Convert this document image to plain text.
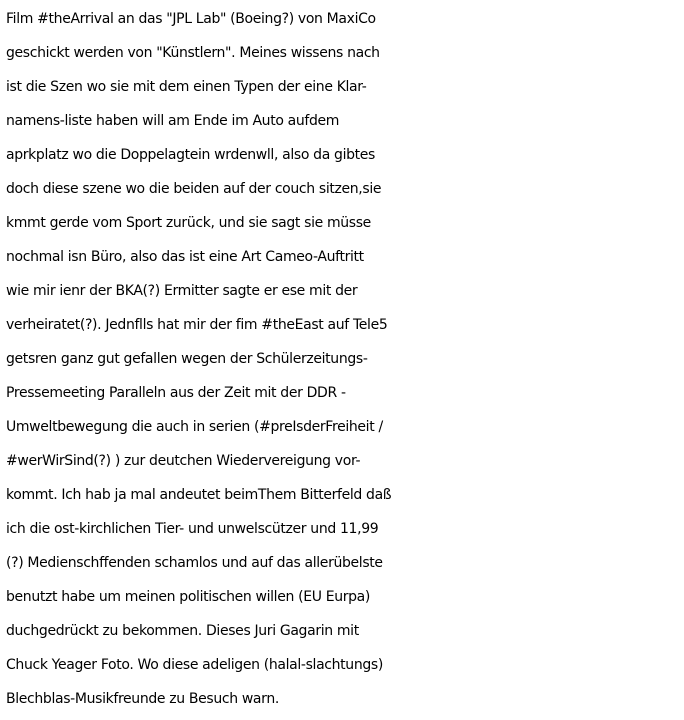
Film #theArrival an das "JPL Lab" (Boeing?) von MaxiCo
geschickt werden von "Künstlern". Meines wissens nach
ist die Szen wo sie mit dem einen Typen der eine Klar-
namens-liste haben will am Ende im Auto aufdem
aprkplatz wo die Doppelagtein wrdenwll, also da gibtes
doch diese szene wo die beiden auf der couch sitzen,sie
kmmt gerde vom Sport zurück, und sie sagt sie müsse
nochmal isn Büro, also das ist eine Art Cameo-Auftritt
wie mir ienr der BKA(?) Ermitter sagte er ese mit der
verheiratet(?). Jednflls hat mir der fim #theEast auf Tele5
getsren ganz gut gefallen wegen der Schülerzeitungs-
Pressemeeting Paralleln aus der Zeit mit der DDR -
Umweltbewegung die auch in serien (#preIsderFreiheit /
#werWirSind(?) ) zur deutchen Wiedervereigung vor-
kommt. Ich hab ja mal andeutet beimThem Bitterfeld daß
ich die ost-kirchlichen Tier- und unwelscützer und 11,99
(?) Medienschffenden schamlos und auf das allerübelste
benutzt habe um meinen politischen willen (EU Eurpa)
duchgedrückt zu bekommen. Dieses Juri Gagarin mit
Chuck Yeager Foto. Wo diese adeligen (halal-slachtungs)
Blechblas-Musikfreunde zu Besuch warn.
